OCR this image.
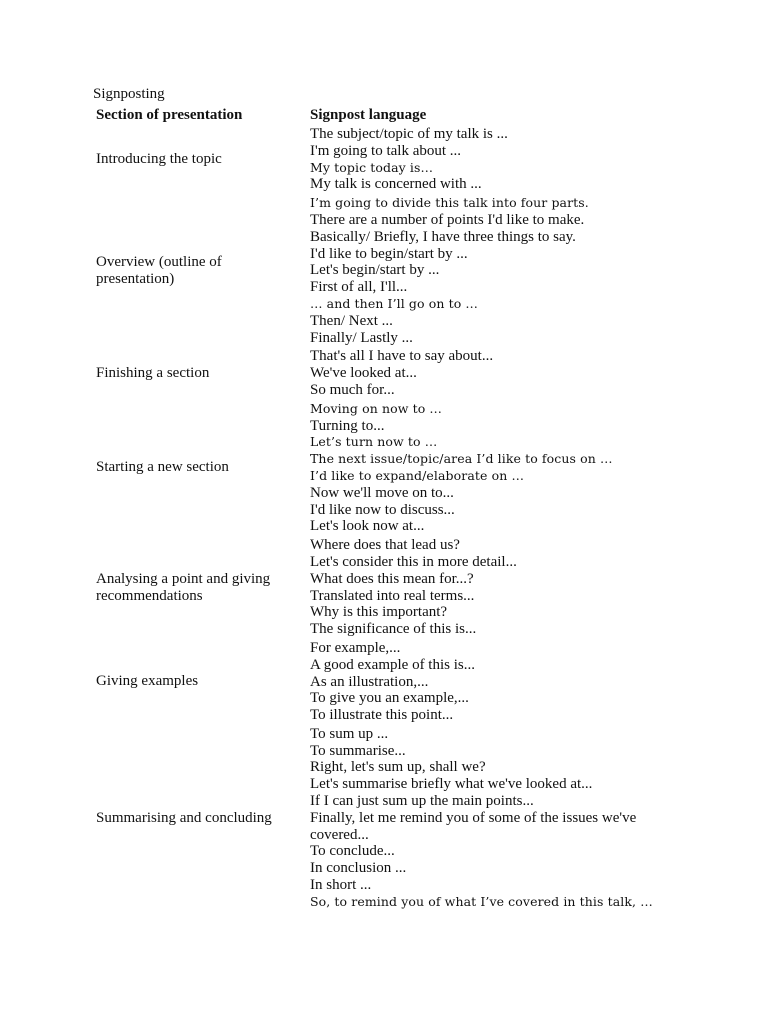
Signposting
Section of presentation	Signpost language
Introducing the topic
The subject/topic of my talk is ...
I'm going to talk about ...
My topic today is…
My talk is concerned with ...
Overview (outline of presentation)
I’m going to divide this talk into four parts.
There are a number of points I'd like to make.
Basically/ Briefly, I have three things to say.
I'd like to begin/start by ...
Let's begin/start by ...
First of all, I'll...
… and then I’ll go on to …
Then/ Next ...
Finally/ Lastly ...
Finishing a section
That's all I have to say about...
We've looked at...
So much for...
Starting a new section
Moving on now to …
Turning to...
Let’s turn now to …
The next issue/topic/area I’d like to focus on …
I’d like to expand/elaborate on …
Now we'll move on to...
I'd like now to discuss...
Let's look now at...
Analysing a point and giving recommendations
Where does that lead us?
Let's consider this in more detail...
What does this mean for...?
Translated into real terms...
Why is this important?
The significance of this is...
Giving examples
For example,...
A good example of this is...
As an illustration,...
To give you an example,...
To illustrate this point...
Summarising and concluding
To sum up ...
To summarise...
Right, let's sum up, shall we?
Let's summarise briefly what we've looked at...
If I can just sum up the main points...
Finally, let me remind you of some of the issues we've
covered...
To conclude...
In conclusion ...
In short ...
So, to remind you of what I’ve covered in this talk, …
